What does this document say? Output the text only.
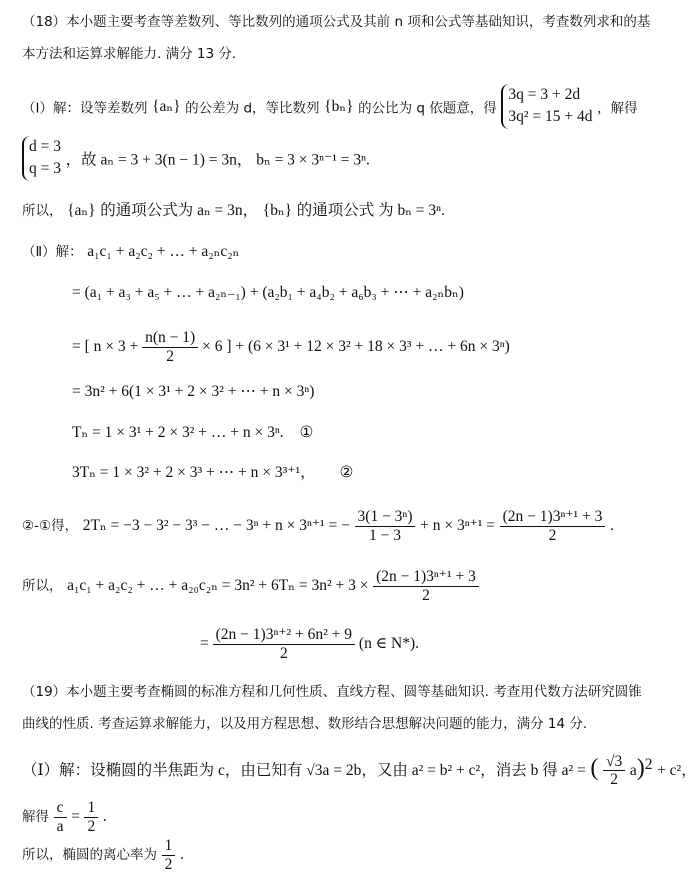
（18）本小题主要考查等差数列、等比数列的通项公式及其前 n 项和公式等基础知识，考查数列求和的基
本方法和运算求解能力. 满分 13 分.
（Ⅰ）解：设等差数列 {aₙ} 的公差为 d，等比数列 {bₙ} 的公比为 q 依题意，得
3q = 3 + 2d
3q² = 15 + 4d ，解得
d = 3
q = 3
，故 aₙ = 3 + 3(n − 1) = 3n， bₙ = 3 × 3ⁿ⁻¹ = 3ⁿ.
所以， {aₙ} 的通项公式为 aₙ = 3n， {bₙ} 的通项公式 为 bₙ = 3ⁿ.
（Ⅱ）解： a₁c₁ + a₂c₂ + … + a₂ₙc₂ₙ
= (a₁ + a₃ + a₅ + … + a₂ₙ₋₁) + (a₂b₁ + a₄b₂ + a₆b₃ + ⋯ + a₂ₙbₙ)
= [ $n \times 3 + \frac{n(n - 1)}{2} \times 6$ ] + (6 × 3¹ + 12 × 3² + 18 × 3³ + … + 6n × 3ⁿ)
= 3n² + 6(1 × 3¹ + 2 × 3² + ⋯ + n × 3ⁿ)
Tₙ = 1 × 3¹ + 2 × 3² + … + n × 3ⁿ. ①
3Tₙ = 1 × 3² + 2 × 3³ + ⋯ + n × 3³⁺¹， ②
②-①得， 2Tₙ = −3 − 3² − 3³ − … − 3ⁿ + n × 3ⁿ⁺¹ = − $\frac{\text{3(1 − 3ⁿ)}}{1 - 3} + n \times 3^{n+1} = \frac{\text{(2n − 1)3ⁿ⁺¹ + 3}}{2}$ .
所以， a₁c₁ + a₂c₂ + … + $a_{20}c_{2n} = 3n^2 + 6T_n = 3n^2 + 3 \times \frac{\text{(2n − 1)3ⁿ⁺¹ + 3}}{2}$
= $\frac{\text{(2n − 1)3ⁿ⁺² + 6n² + 9}}{2} (n$ ∈ N*).
（19）本小题主要考查椭圆的标准方程和几何性质、直线方程、圆等基础知识. 考查用代数方法研究圆锥
曲线的性质. 考查运算求解能力，以及用方程思想、数形结合思想解决问题的能力，满分 14 分.
（Ⅰ）解：设椭圆的半焦距为 c，由已知有 √3a = 2b，又由 a² = b² + c²，消去 b 得 a² = ( $\frac{√3}{2} a)^2 + c^2$，
解得 $\frac{c}{a} = \frac{1}{2}$ .
所以，椭圆的离心率为 $\frac{1}{2}$ .
